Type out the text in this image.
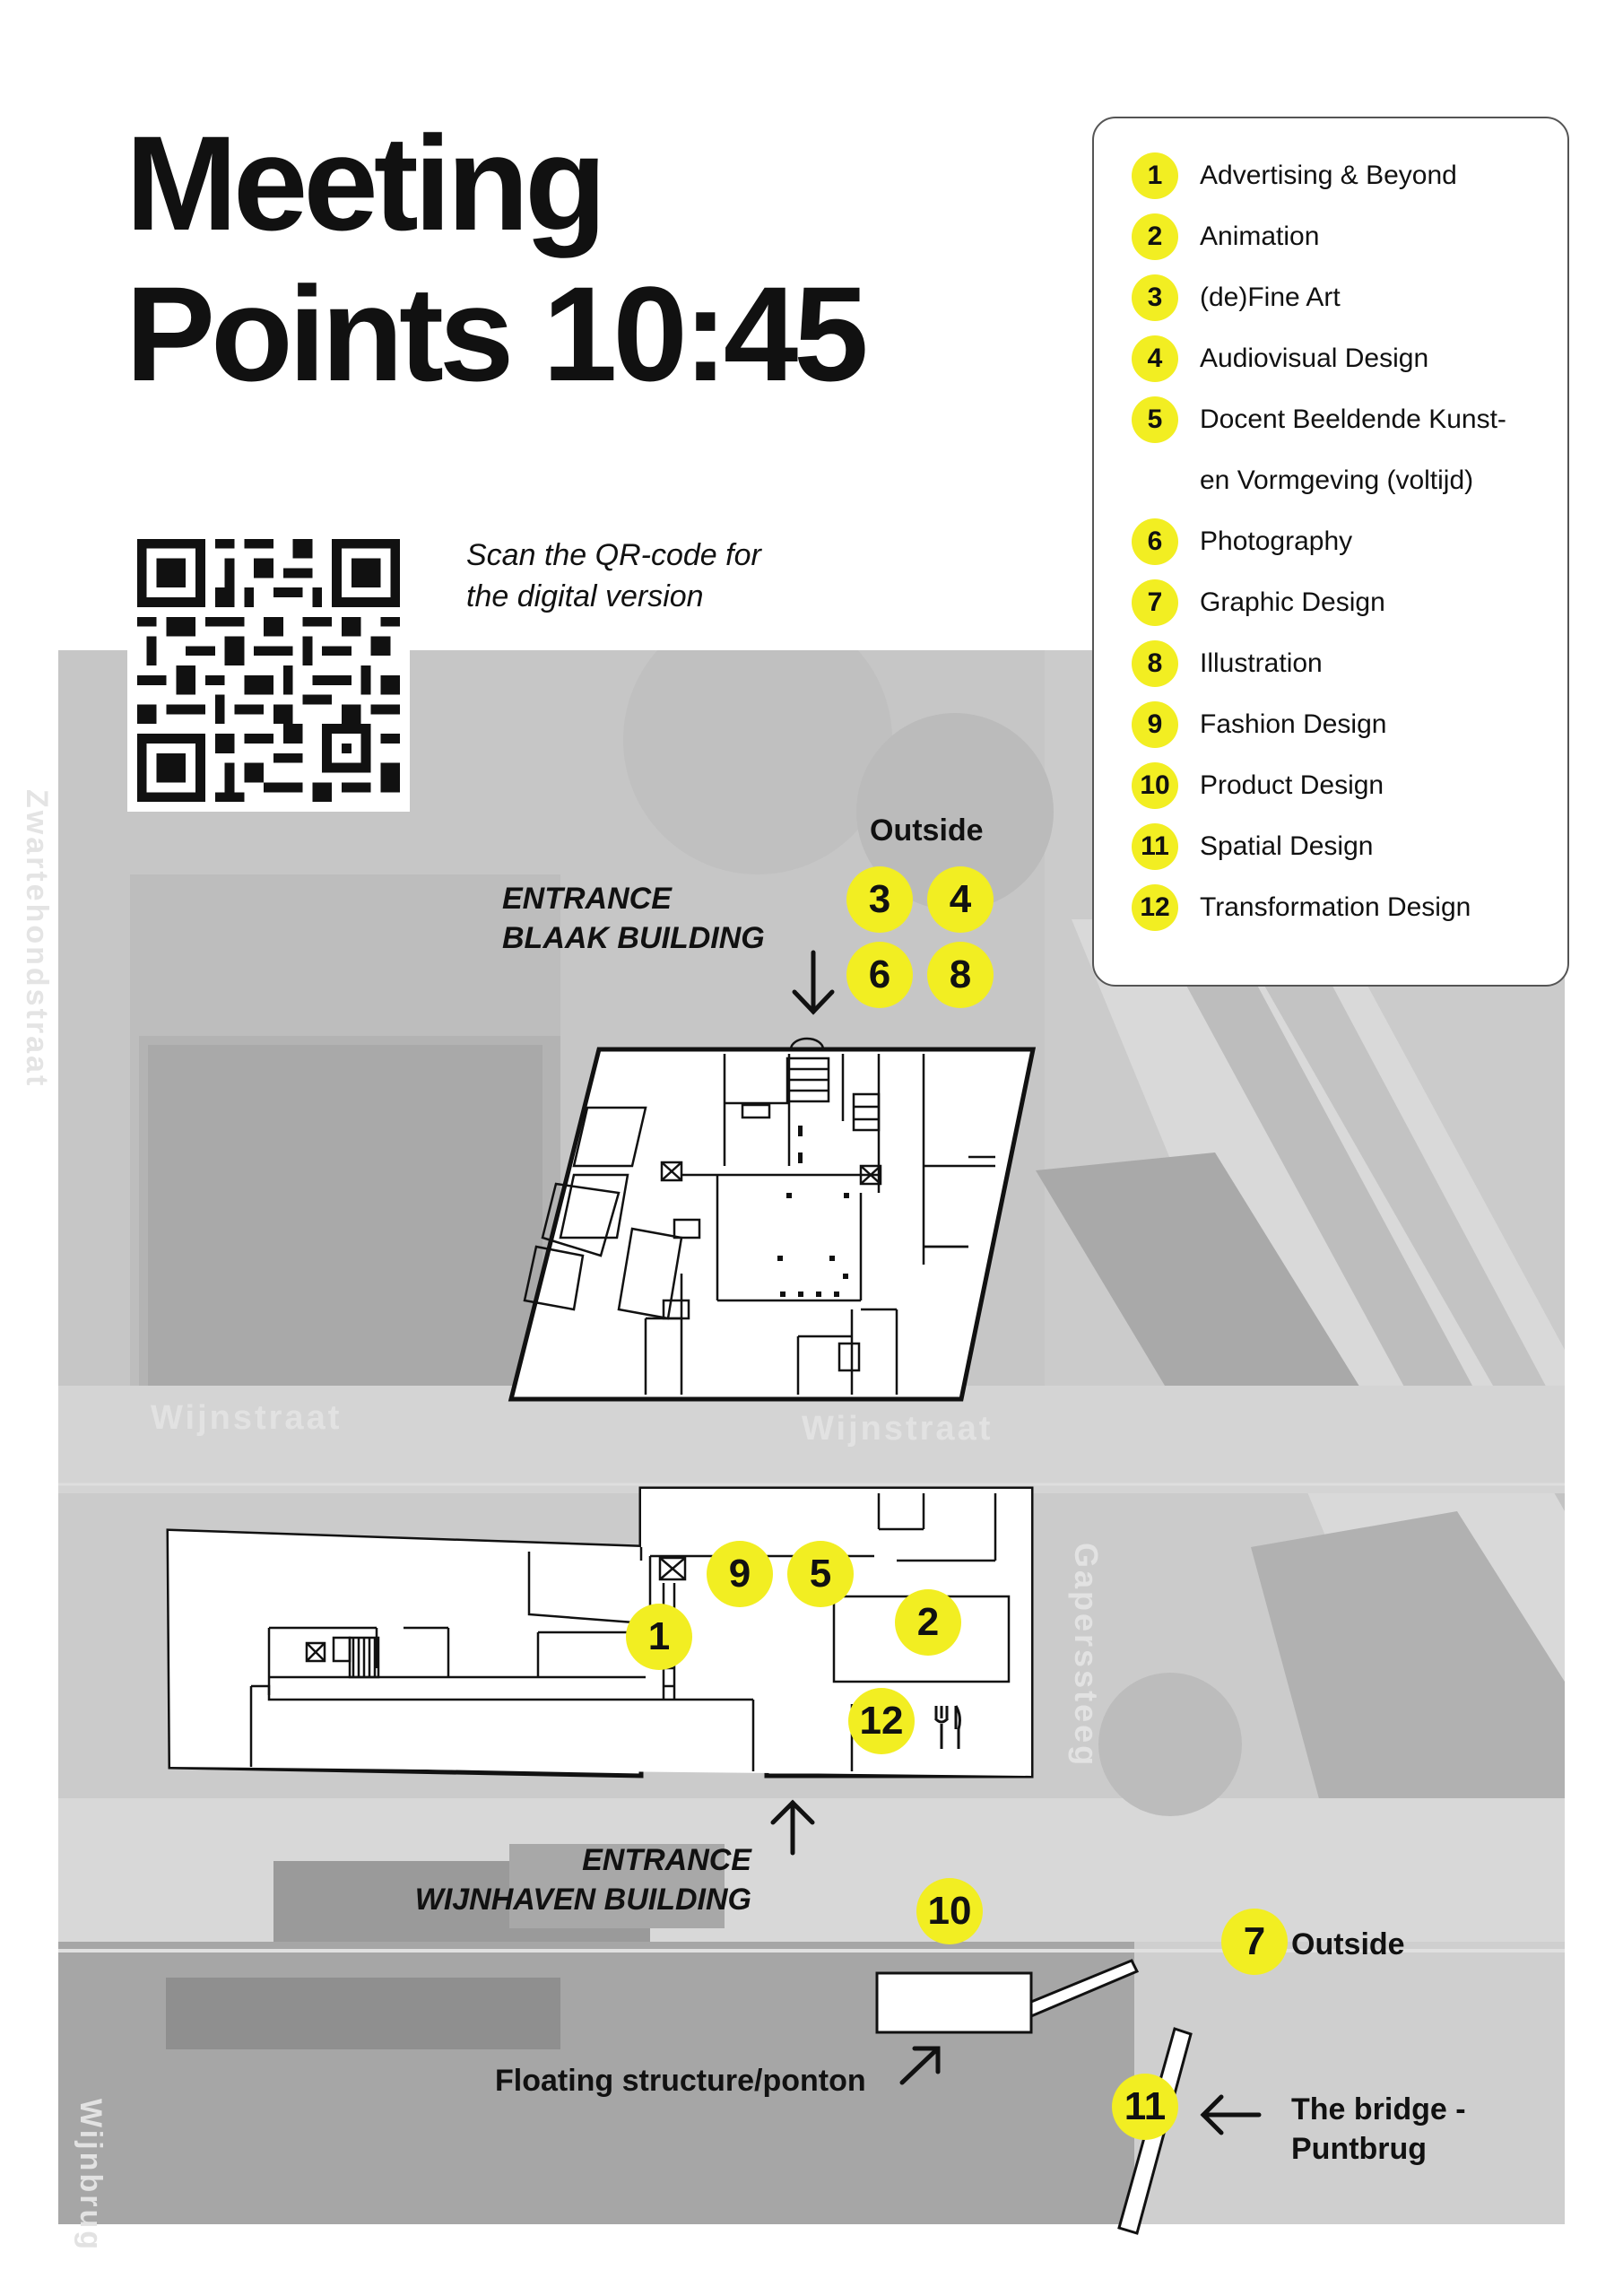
Meeting
Points 10:45
Zwartehondstraat
Wijnstraat	Wijnstraat
Gaperssteeg
Wijnbrug
Scan the QR-code for
the digital version
1	Advertising & Beyond
2	Animation
3	(de)Fine Art
4	Audiovisual Design
5	Docent Beeldende Kunst-
en Vormgeving (voltijd)
6	Photography
7	Graphic Design
8	Illustration
9	Fashion Design
10	Product Design
11	Spatial Design
12	Transformation Design
Outside
ENTRANCE
BLAAK BUILDING
ENTRANCE
WIJNHAVEN BUILDING
Outside
Floating structure/ponton
The bridge -
Puntbrug
3	4
6	8
9	5
1	2
12
10
7
11
